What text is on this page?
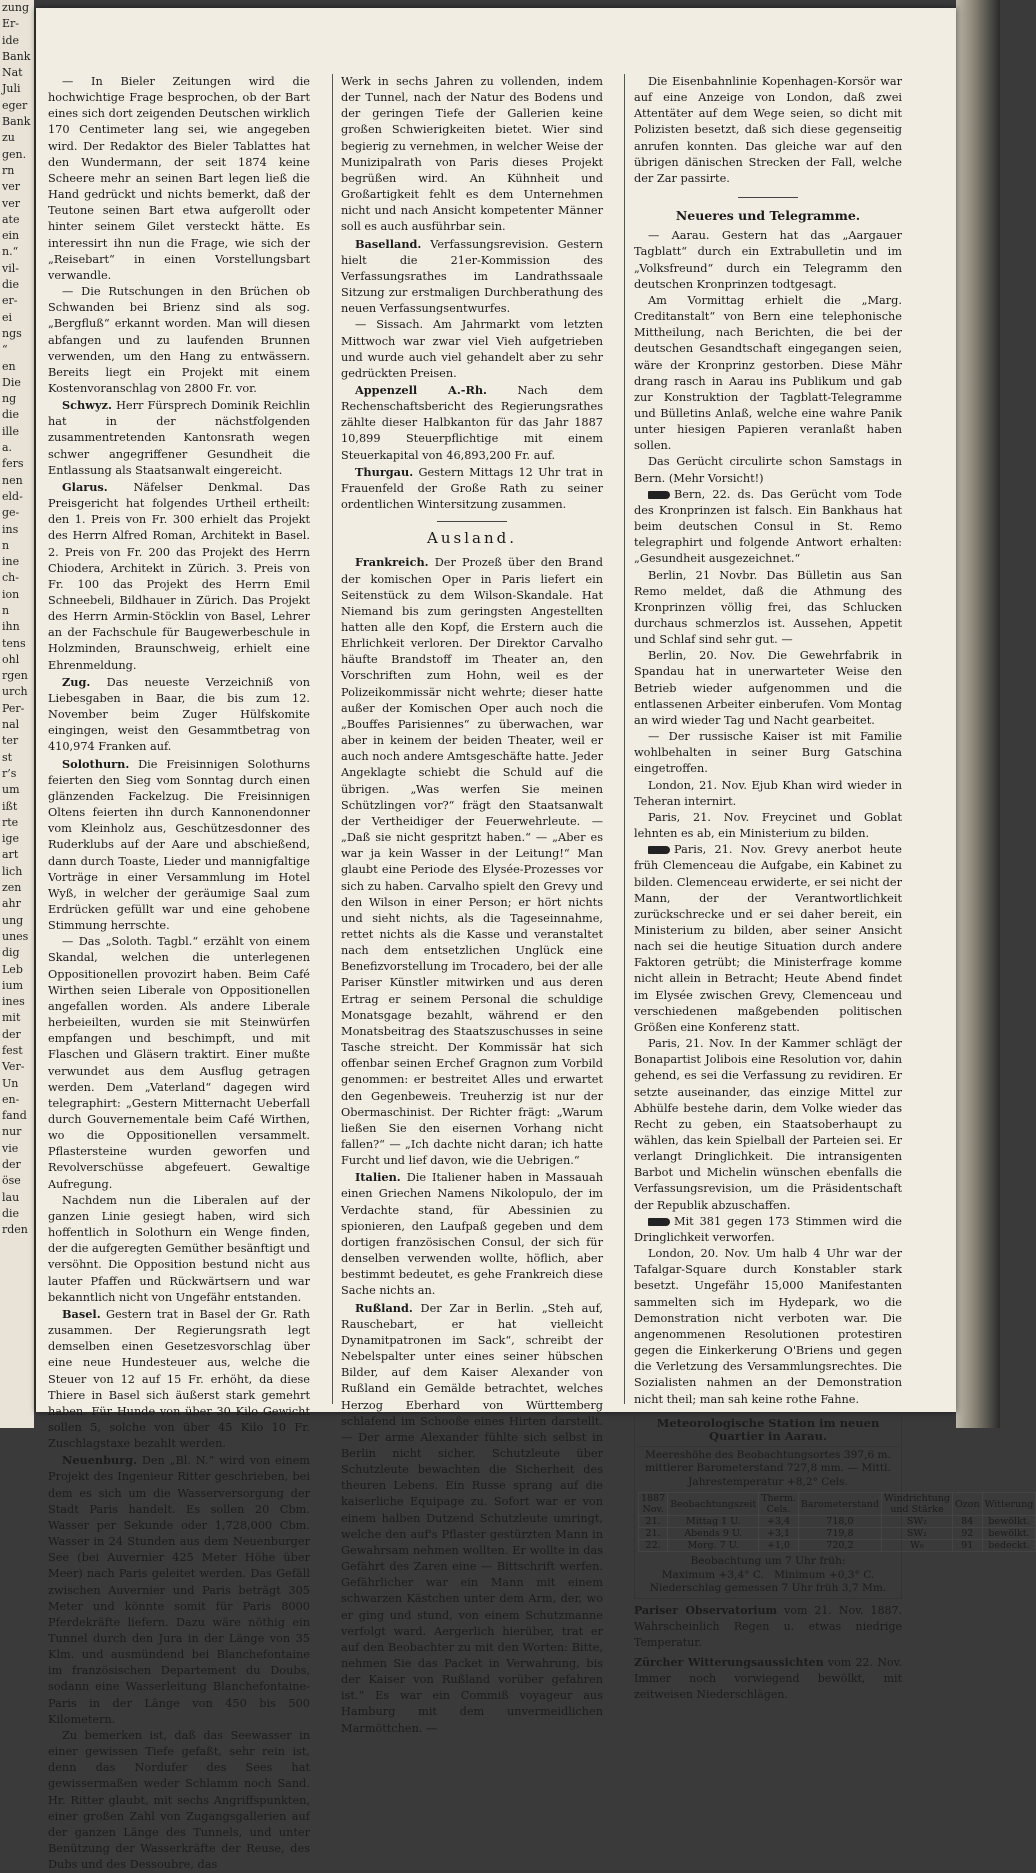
zung
Er-
ide
Bank
Nat
Juli
eger
Bank
zu
gen.
rn
ver
ver
ate
ein
n.“
vil-
die
er-
ei
ngs
“
en
Die
ng
die
ille
a.
fers
nen
eld-
ge-
ins
n
ine
ch-
ion
n
ihn
tens
ohl
rgen
urch
Per-
nal
ter
st
r’s
um
ißt
rte
ige
art
lich
zen
ahr
ung
unes
dig
Leb
ium
ines
mit
der
fest
Ver-
Un
en-
fand
nur
vie
der
öse
lau
die
rden

— In Bieler Zeitungen wird die hochwichtige Frage besprochen, ob der Bart eines sich dort zeigenden Deutschen wirklich 170 Centimeter lang sei, wie angegeben wird. Der Redaktor des Bieler Tablattes hat den Wundermann, der seit 1874 keine Scheere mehr an seinen Bart legen ließ die Hand gedrückt und nichts bemerkt, daß der Teutone seinen Bart etwa aufgerollt oder hinter seinem Gilet versteckt hätte. Es interessirt ihn nun die Frage, wie sich der „Reisebart“ in einen Vorstellungsbart verwandle.

— Die Rutschungen in den Brüchen ob Schwanden bei Brienz sind als sog. „Bergfluß“ erkannt worden. Man will diesen abfangen und zu laufenden Brunnen verwenden, um den Hang zu entwässern. Bereits liegt ein Projekt mit einem Kostenvoranschlag von 2800 Fr. vor.

Schwyz. Herr Fürsprech Dominik Reichlin hat in der nächstfolgenden zusammentretenden Kantonsrath wegen schwer angegriffener Gesundheit die Entlassung als Staatsanwalt eingereicht.

Glarus. Näfelser Denkmal. Das Preisgericht hat folgendes Urtheil ertheilt: den 1. Preis von Fr. 300 erhielt das Projekt des Herrn Alfred Roman, Architekt in Basel. 2. Preis von Fr. 200 das Projekt des Herrn Chiodera, Architekt in Zürich. 3. Preis von Fr. 100 das Projekt des Herrn Emil Schneebeli, Bildhauer in Zürich. Das Projekt des Herrn Armin-Stöcklin von Basel, Lehrer an der Fachschule für Baugewerbeschule in Holzminden, Braunschweig, erhielt eine Ehrenmeldung.

Zug. Das neueste Verzeichniß von Liebesgaben in Baar, die bis zum 12. November beim Zuger Hülfskomite eingingen, weist den Gesammtbetrag von 410,974 Franken auf.

Solothurn. Die Freisinnigen Solothurns feierten den Sieg vom Sonntag durch einen glänzenden Fackelzug. Die Freisinnigen Oltens feierten ihn durch Kannonendonner vom Kleinholz aus, Geschützesdonner des Ruderklubs auf der Aare und abschießend, dann durch Toaste, Lieder und mannigfaltige Vorträge in einer Versammlung im Hotel Wyß, in welcher der geräumige Saal zum Erdrücken gefüllt war und eine gehobene Stimmung herrschte.

— Das „Soloth. Tagbl.“ erzählt von einem Skandal, welchen die unterlegenen Oppositionellen provozirt haben. Beim Café Wirthen seien Liberale von Oppositionellen angefallen worden. Als andere Liberale herbeieilten, wurden sie mit Steinwürfen empfangen und beschimpft, und mit Flaschen und Gläsern traktirt. Einer mußte verwundet aus dem Ausflug getragen werden. Dem „Vaterland“ dagegen wird telegraphirt: „Gestern Mitternacht Ueberfall durch Gouvernementale beim Café Wirthen, wo die Oppositionellen versammelt. Pflastersteine wurden geworfen und Revolverschüsse abgefeuert. Gewaltige Aufregung.

Nachdem nun die Liberalen auf der ganzen Linie gesiegt haben, wird sich hoffentlich in Solothurn ein Wenge finden, der die aufgeregten Gemüther besänftigt und versöhnt. Die Opposition bestund nicht aus lauter Pfaffen und Rückwärtsern und war bekanntlich nicht von Ungefähr entstanden.

Basel. Gestern trat in Basel der Gr. Rath zusammen. Der Regierungsrath legt demselben einen Gesetzesvorschlag über eine neue Hundesteuer aus, welche die Steuer von 12 auf 15 Fr. erhöht, da diese Thiere in Basel sich äußerst stark gemehrt haben. Für Hunde von über 30 Kilo Gewicht sollen 5, solche von über 45 Kilo 10 Fr. Zuschlagstaxe bezahlt werden.

Neuenburg. Den „Bl. N.“ wird von einem Projekt des Ingenieur Ritter geschrieben, bei dem es sich um die Wasserversorgung der Stadt Paris handelt. Es sollen 20 Cbm. Wasser per Sekunde oder 1,728,000 Cbm. Wasser in 24 Stunden aus dem Neuenburger See (bei Auvernier 425 Meter Höhe über Meer) nach Paris geleitet werden. Das Gefäll zwischen Auvernier und Paris beträgt 305 Meter und könnte somit für Paris 8000 Pferdekräfte liefern. Dazu wäre nöthig ein Tunnel durch den Jura in der Länge von 35 Klm. und ausmündend bei Blanchefontaine im französischen Departement du Doubs, sodann eine Wasserleitung Blanchefontaine-Paris in der Länge von 450 bis 500 Kilometern.

Zu bemerken ist, daß das Seewasser in einer gewissen Tiefe gefaßt, sehr rein ist, denn das Nordufer des Sees hat gewissermaßen weder Schlamm noch Sand. Hr. Ritter glaubt, mit sechs Angriffspunkten, einer großen Zahl von Zugangsgallerien auf der ganzen Länge des Tunnels, und unter Benützung der Wasserkräfte der Reuse, des Dubs und des Dessoubre, das

Werk in sechs Jahren zu vollenden, indem der Tunnel, nach der Natur des Bodens und der geringen Tiefe der Gallerien keine großen Schwierigkeiten bietet. Wier sind begierig zu vernehmen, in welcher Weise der Munizipalrath von Paris dieses Projekt begrüßen wird. An Kühnheit und Großartigkeit fehlt es dem Unternehmen nicht und nach Ansicht kompetenter Männer soll es auch ausführbar sein.

Baselland. Verfassungsrevision. Gestern hielt die 21er-Kommission des Verfassungsrathes im Landrathssaale Sitzung zur erstmaligen Durchberathung des neuen Verfassungsentwurfes.

— Sissach. Am Jahrmarkt vom letzten Mittwoch war zwar viel Vieh aufgetrieben und wurde auch viel gehandelt aber zu sehr gedrückten Preisen.

Appenzell A.-Rh. Nach dem Rechenschaftsbericht des Regierungsrathes zählte dieser Halbkanton für das Jahr 1887 10,899 Steuerpflichtige mit einem Steuerkapital von 46,893,200 Fr. auf.

Thurgau. Gestern Mittags 12 Uhr trat in Frauenfeld der Große Rath zu seiner ordentlichen Wintersitzung zusammen.

Ausland.

Frankreich. Der Prozeß über den Brand der komischen Oper in Paris liefert ein Seitenstück zu dem Wilson-Skandale. Hat Niemand bis zum geringsten Angestellten hatten alle den Kopf, die Erstern auch die Ehrlichkeit verloren. Der Direktor Carvalho häufte Brandstoff im Theater an, den Vorschriften zum Hohn, weil es der Polizeikommissär nicht wehrte; dieser hatte außer der Komischen Oper auch noch die „Bouffes Parisiennes“ zu überwachen, war aber in keinem der beiden Theater, weil er auch noch andere Amtsgeschäfte hatte. Jeder Angeklagte schiebt die Schuld auf die übrigen. „Was werfen Sie meinen Schützlingen vor?“ frägt den Staatsanwalt der Vertheidiger der Feuerwehrleute. — „Daß sie nicht gespritzt haben.“ — „Aber es war ja kein Wasser in der Leitung!“ Man glaubt eine Periode des Elysée-Prozesses vor sich zu haben. Carvalho spielt den Grevy und den Wilson in einer Person; er hört nichts und sieht nichts, als die Tageseinnahme, rettet nichts als die Kasse und veranstaltet nach dem entsetzlichen Unglück eine Benefizvorstellung im Trocadero, bei der alle Pariser Künstler mitwirken und aus deren Ertrag er seinem Personal die schuldige Monatsgage bezahlt, während er den Monatsbeitrag des Staatszuschusses in seine Tasche streicht. Der Kommissär hat sich offenbar seinen Erchef Gragnon zum Vorbild genommen: er bestreitet Alles und erwartet den Gegenbeweis. Treuherzig ist nur der Obermaschinist. Der Richter frägt: „Warum ließen Sie den eisernen Vorhang nicht fallen?“ — „Ich dachte nicht daran; ich hatte Furcht und lief davon, wie die Uebrigen.“

Italien. Die Italiener haben in Massauah einen Griechen Namens Nikolopulo, der im Verdachte stand, für Abessinien zu spionieren, den Laufpaß gegeben und dem dortigen französischen Consul, der sich für denselben verwenden wollte, höflich, aber bestimmt bedeutet, es gehe Frankreich diese Sache nichts an.

Rußland. Der Zar in Berlin. „Steh auf, Rauschebart, er hat vielleicht Dynamitpatronen im Sack“, schreibt der Nebelspalter unter eines seiner hübschen Bilder, auf dem Kaiser Alexander von Rußland ein Gemälde betrachtet, welches Herzog Eberhard von Württemberg schlafend im Schooße eines Hirten darstellt. — Der arme Alexander fühlte sich selbst in Berlin nicht sicher. Schutzleute über Schutzleute bewachten die Sicherheit des theuren Lebens. Ein Russe sprang auf die kaiserliche Equipage zu. Sofort war er von einem halben Dutzend Schutzleute umringt, welche den auf's Pflaster gestürzten Mann in Gewahrsam nehmen wollten. Er wollte in das Gefährt des Zaren eine — Bittschrift werfen. Gefährlicher war ein Mann mit einem schwarzen Kästchen unter dem Arm, der, wo er ging und stund, von einem Schutzmanne verfolgt ward. Aergerlich hierüber, trat er auf den Beobachter zu mit den Worten: Bitte, nehmen Sie das Packet in Verwahrung, bis der Kaiser von Rußland vorüber gefahren ist.“ Es war ein Commiß voyageur aus Hamburg mit dem unvermeidlichen Marmöttchen. —

Die Eisenbahnlinie Kopenhagen-Korsör war auf eine Anzeige von London, daß zwei Attentäter auf dem Wege seien, so dicht mit Polizisten besetzt, daß sich diese gegenseitig anrufen konnten. Das gleiche war auf den übrigen dänischen Strecken der Fall, welche der Zar passirte.

Neueres und Telegramme.

— Aarau. Gestern hat das „Aargauer Tagblatt“ durch ein Extrabulletin und im „Volksfreund“ durch ein Telegramm den deutschen Kronprinzen todtgesagt.

Am Vormittag erhielt die „Marg. Creditanstalt“ von Bern eine telephonische Mittheilung, nach Berichten, die bei der deutschen Gesandtschaft eingegangen seien, wäre der Kronprinz gestorben. Diese Mähr drang rasch in Aarau ins Publikum und gab zur Konstruktion der Tagblatt-Telegramme und Bülletins Anlaß, welche eine wahre Panik unter hiesigen Papieren veranlaßt haben sollen.

Das Gerücht circulirte schon Samstags in Bern. (Mehr Vorsicht!)

Bern, 22. ds. Das Gerücht vom Tode des Kronprinzen ist falsch. Ein Bankhaus hat beim deutschen Consul in St. Remo telegraphirt und folgende Antwort erhalten: „Gesundheit ausgezeichnet.“

Berlin, 21 Novbr. Das Bülletin aus San Remo meldet, daß die Athmung des Kronprinzen völlig frei, das Schlucken durchaus schmerzlos ist. Aussehen, Appetit und Schlaf sind sehr gut. —

Berlin, 20. Nov. Die Gewehrfabrik in Spandau hat in unerwarteter Weise den Betrieb wieder aufgenommen und die entlassenen Arbeiter einberufen. Vom Montag an wird wieder Tag und Nacht gearbeitet.

— Der russische Kaiser ist mit Familie wohlbehalten in seiner Burg Gatschina eingetroffen.

London, 21. Nov. Ejub Khan wird wieder in Teheran internirt.

Paris, 21. Nov. Freycinet und Goblat lehnten es ab, ein Ministerium zu bilden.

Paris, 21. Nov. Grevy anerbot heute früh Clemenceau die Aufgabe, ein Kabinet zu bilden. Clemenceau erwiderte, er sei nicht der Mann, der der Verantwortlichkeit zurückschrecke und er sei daher bereit, ein Ministerium zu bilden, aber seiner Ansicht nach sei die heutige Situation durch andere Faktoren getrübt; die Ministerfrage komme nicht allein in Betracht; Heute Abend findet im Elysée zwischen Grevy, Clemenceau und verschiedenen maßgebenden politischen Größen eine Konferenz statt.

Paris, 21. Nov. In der Kammer schlägt der Bonapartist Jolibois eine Resolution vor, dahin gehend, es sei die Verfassung zu revidiren. Er setzte auseinander, das einzige Mittel zur Abhülfe bestehe darin, dem Volke wieder das Recht zu geben, ein Staatsoberhaupt zu wählen, das kein Spielball der Parteien sei. Er verlangt Dringlichkeit. Die intransigenten Barbot und Michelin wünschen ebenfalls die Verfassungsrevision, um die Präsidentschaft der Republik abzuschaffen.

Mit 381 gegen 173 Stimmen wird die Dringlichkeit verworfen.

London, 20. Nov. Um halb 4 Uhr war der Tafalgar-Square durch Konstabler stark besetzt. Ungefähr 15,000 Manifestanten sammelten sich im Hydepark, wo die Demonstration nicht verboten war. Die angenommenen Resolutionen protestiren gegen die Einkerkerung O'Briens und gegen die Verletzung des Versammlungsrechtes. Die Sozialisten nahmen an der Demonstration nicht theil; man sah keine rothe Fahne.

Meteorologische Station im neuen Quartier in Aarau.
Meereshöhe des Beobachtungsortes 397,6 m.
mittlerer Barometerstand 727,8 mm. — Mittl. Jahrestemperatur +8,2° Cels.
1887 Nov.	Beobachtungszeit	Therm. Cels.	Barometerstand	Windrichtung und Stärke	Ozon	Witterung
21.	Mittag 1 U.	+3,4	718,0	SW₂	84	bewölkt.
21.	Abends 9 U.	+3,1	719,8	SW₂	92	bewölkt.
22.	Morg. 7 U.	+1,0	720,2	W₀	91	bedeckt.
Beobachtung um 7 Uhr früh:
Maximum +3,4° C. Minimum +0,3° C.
Niederschlag gemessen 7 Uhr früh 3,7 Mm.
Pariser Observatorium vom 21. Nov. 1887. Wahrscheinlich Regen u. etwas niedrige Temperatur.
Zürcher Witterungsaussichten vom 22. Nov. Immer noch vorwiegend bewölkt, mit zeitweisen Niederschlägen.
